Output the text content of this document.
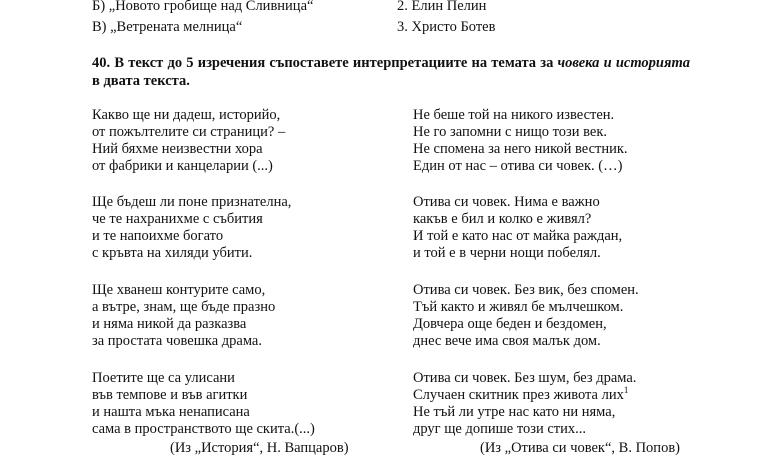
Б) „Новото гробище над Сливница“	2. Елин Пелин
В) „Ветрената мелница“	3. Христо Ботев
40. В текст до 5 изречения съпоставете интерпретациите на темата за човека и историята в двата текста.
Какво ще ни дадеш, историйо,
от пожълтелите си страници? –
Ний бяхме неизвестни хора
от фабрики и канцеларии (...)
Ще бъдеш ли поне признателна,
че те нахранихме с събития
и те напоихме богато
с кръвта на хиляди убити.
Ще хванеш контурите само,
а вътре, знам, ще бъде празно
и няма никой да разказва
за простата човешка драма.
Поетите ще са улисани
във темпове и във агитки
и нашта мъка ненаписана
сама в пространството ще скита.(...)
(Из „История“, Н. Вапцаров)
Не беше той на никого известен.
Не го запомни с нищо този век.
Не спомена за него никой вестник.
Един от нас – отива си човек. (…)
Отива си човек. Нима е важно
какъв е бил и колко е живял?
И той е като нас от майка раждан,
и той е в черни нощи побелял.
Отива си човек. Без вик, без спомен.
Тъй както и живял бе мълчешком.
Довчера още беден и бездомен,
днес вече има своя малък дом.
Отива си човек. Без шум, без драма.
Случаен скитник през живота лих$^1$
Не тъй ли утре нас като ни няма,
друг ще допише този стих...
(Из „Отива си човек“, В. Попов)
